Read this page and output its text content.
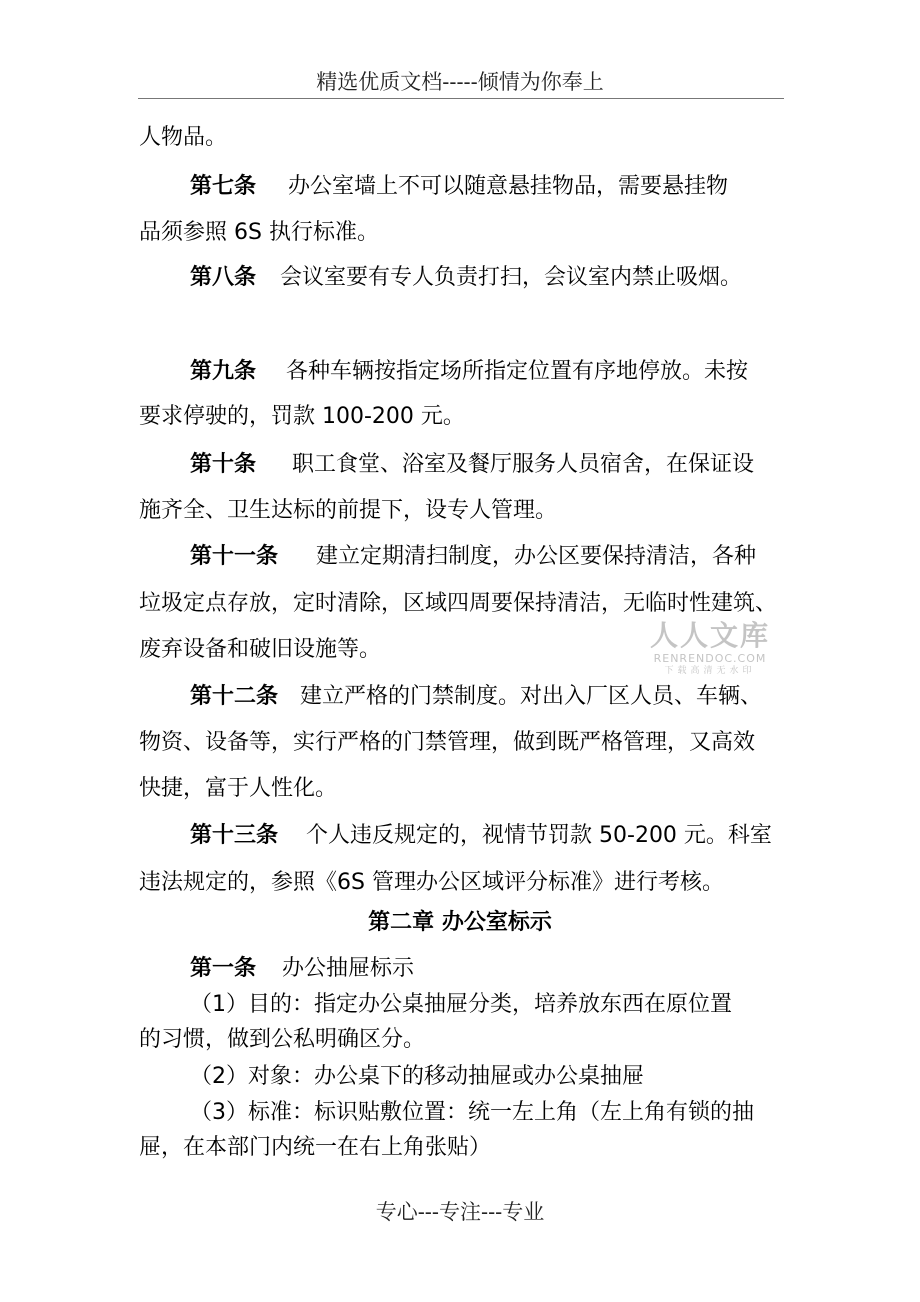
精选优质文档-----倾情为你奉上
人物品。
第七条 办公室墙上不可以随意悬挂物品，需要悬挂物
品须参照 6S 执行标准。
第八条 会议室要有专人负责打扫，会议室内禁止吸烟。
第九条 各种车辆按指定场所指定位置有序地停放。未按
要求停驶的，罚款 100-200 元。
第十条 职工食堂、浴室及餐厅服务人员宿舍，在保证设
施齐全、卫生达标的前提下，设专人管理。
第十一条 建立定期清扫制度，办公区要保持清洁，各种
垃圾定点存放，定时清除，区域四周要保持清洁，无临时性建筑、
废弃设备和破旧设施等。
第十二条 建立严格的门禁制度。对出入厂区人员、车辆、
物资、设备等，实行严格的门禁管理，做到既严格管理，又高效
快捷，富于人性化。
第十三条 个人违反规定的，视情节罚款 50-200 元。科室
违法规定的，参照《6S 管理办公区域评分标准》进行考核。
第二章 办公室标示
第一条 办公抽屉标示
（1）目的：指定办公桌抽屉分类，培养放东西在原位置
的习惯，做到公私明确区分。
（2）对象：办公桌下的移动抽屉或办公桌抽屉
（3）标准：标识贴敷位置：统一左上角（左上角有锁的抽
屉，在本部门内统一在右上角张贴）
人人文库
RENRENDOC.COM
下载高清无水印
专心---专注---专业
